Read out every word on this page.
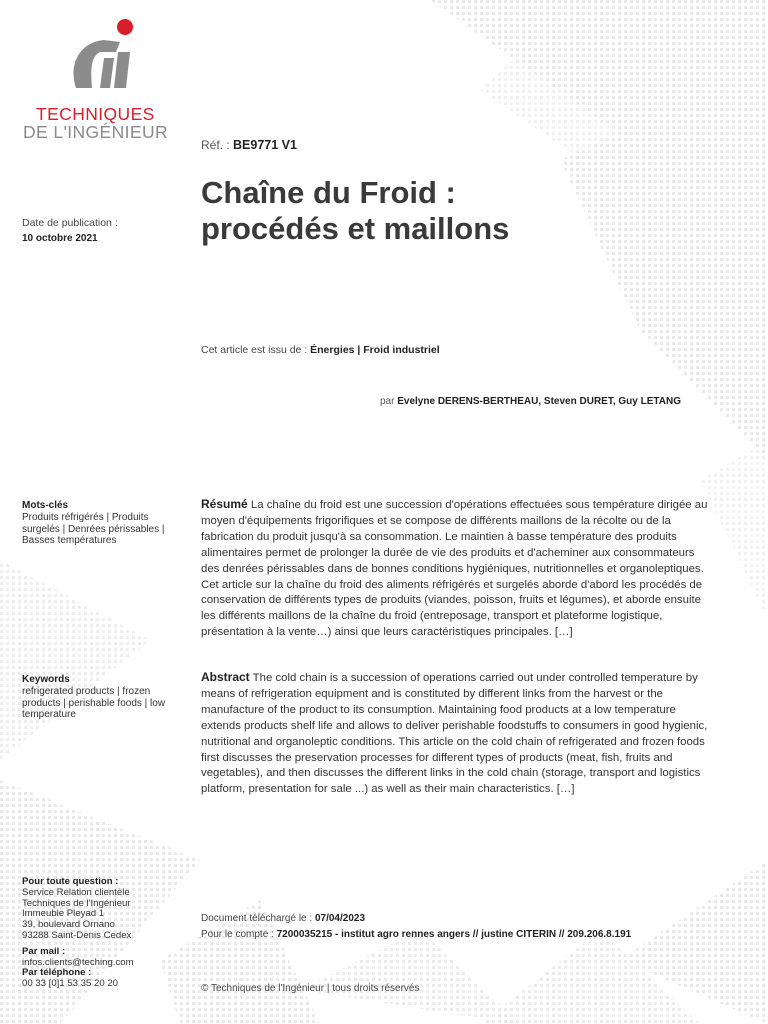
TECHNIQUES
DE L'INGÉNIEUR
Réf. : BE9771 V1
Chaîne du Froid :
procédés et maillons
Date de publication :
10 octobre 2021
Cet article est issu de : Énergies | Froid industriel
par Evelyne DERENS-BERTHEAU, Steven DURET, Guy LETANG
Mots-clés
Produits réfrigérés | Produits surgelés | Denrées périssables | Basses températures
Keywords
refrigerated products | frozen products | perishable foods | low temperature
Résumé La chaîne du froid est une succession d'opérations effectuées sous température dirigée au moyen d'équipements frigorifiques et se compose de différents maillons de la récolte ou de la fabrication du produit jusqu'à sa consommation. Le maintien à basse température des produits alimentaires permet de prolonger la durée de vie des produits et d'acheminer aux consommateurs des denrées périssables dans de bonnes conditions hygiéniques, nutritionnelles et organoleptiques. Cet article sur la chaîne du froid des aliments réfrigérés et surgelés aborde d'abord les procédés de conservation de différents types de produits (viandes, poisson, fruits et légumes), et aborde ensuite les différents maillons de la chaîne du froid (entreposage, transport et plateforme logistique, présentation à la vente…) ainsi que leurs caractéristiques principales. […]
Abstract The cold chain is a succession of operations carried out under controlled temperature by means of refrigeration equipment and is constituted by different links from the harvest or the manufacture of the product to its consumption. Maintaining food products at a low temperature extends products shelf life and allows to deliver perishable foodstuffs to consumers in good hygienic, nutritional and organoleptic conditions. This article on the cold chain of refrigerated and frozen foods first discusses the preservation processes for different types of products (meat, fish, fruits and vegetables), and then discusses the different links in the cold chain (storage, transport and logistics platform, presentation for sale ...) as well as their main characteristics. […]
Pour toute question :
Service Relation clientèle
Techniques de l'Ingénieur
Immeuble Pleyad 1
39, boulevard Ornano
93288 Saint-Denis Cedex
Par mail :
infos.clients@teching.com
Par téléphone :
00 33 [0]1 53 35 20 20
Document téléchargé le : 07/04/2023
Pour le compte : 7200035215 - institut agro rennes angers // justine CITERIN // 209.206.8.191
© Techniques de l'Ingénieur | tous droits réservés
